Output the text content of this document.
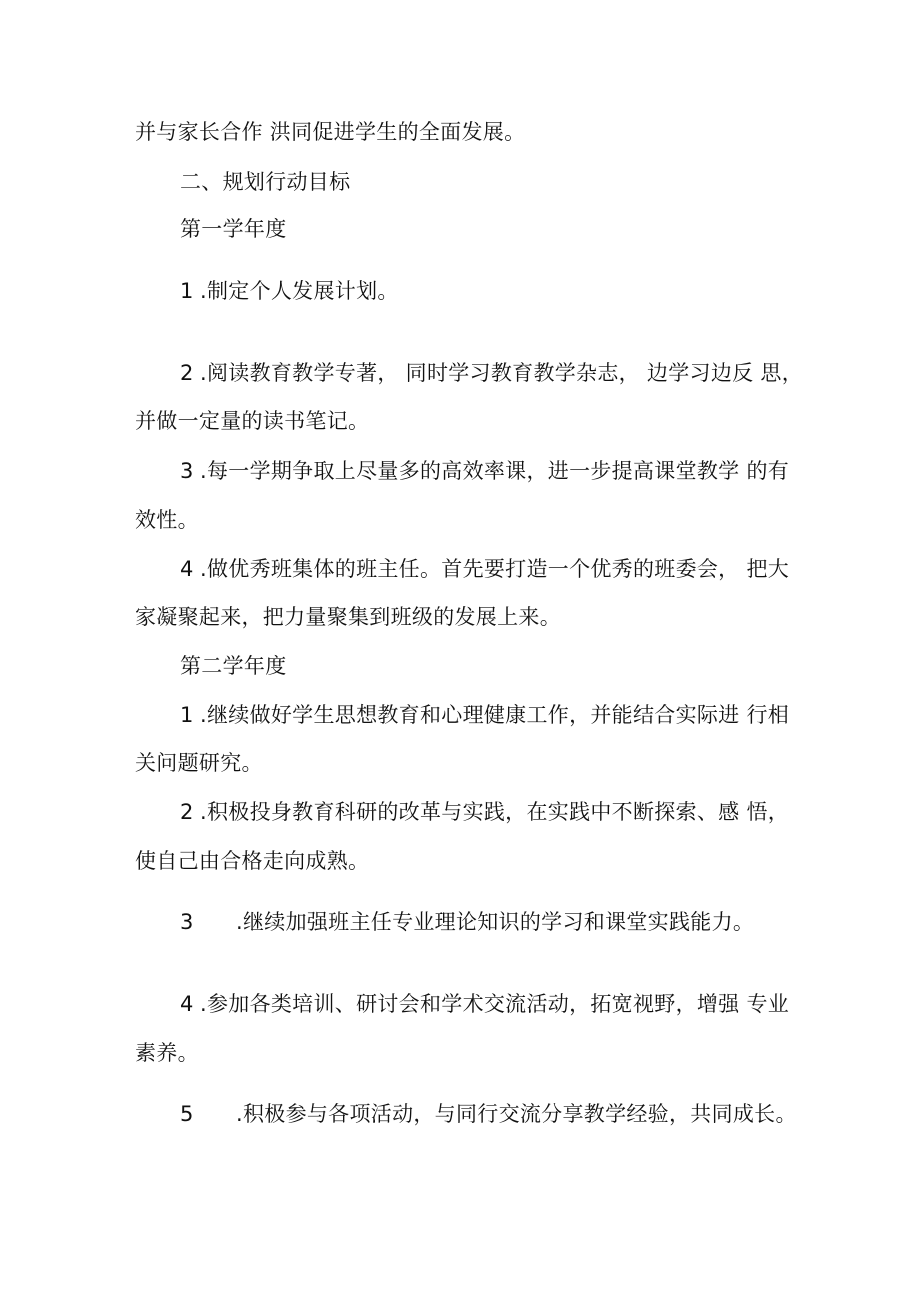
并与家长合作 洪同促进学生的全面发展。

二、规划行动目标

第一学年度

1 .制定个人发展计划。

2 .阅读教育教学专著， 同时学习教育教学杂志， 边学习边反 思，

并做一定量的读书笔记。

3 .每一学期争取上尽量多的高效率课，进一步提高课堂教学 的有

效性。

4 .做优秀班集体的班主任。首先要打造一个优秀的班委会， 把大

家凝聚起来，把力量聚集到班级的发展上来。

第二学年度

1 .继续做好学生思想教育和心理健康工作，并能结合实际进 行相

关问题研究。

2 .积极投身教育科研的改革与实践，在实践中不断探索、感 悟，

使自己由合格走向成熟。

3 .继续加强班主任专业理论知识的学习和课堂实践能力。

4 .参加各类培训、研讨会和学术交流活动，拓宽视野，增强 专业

素养。

5 .积极参与各项活动，与同行交流分享教学经验，共同成长。
